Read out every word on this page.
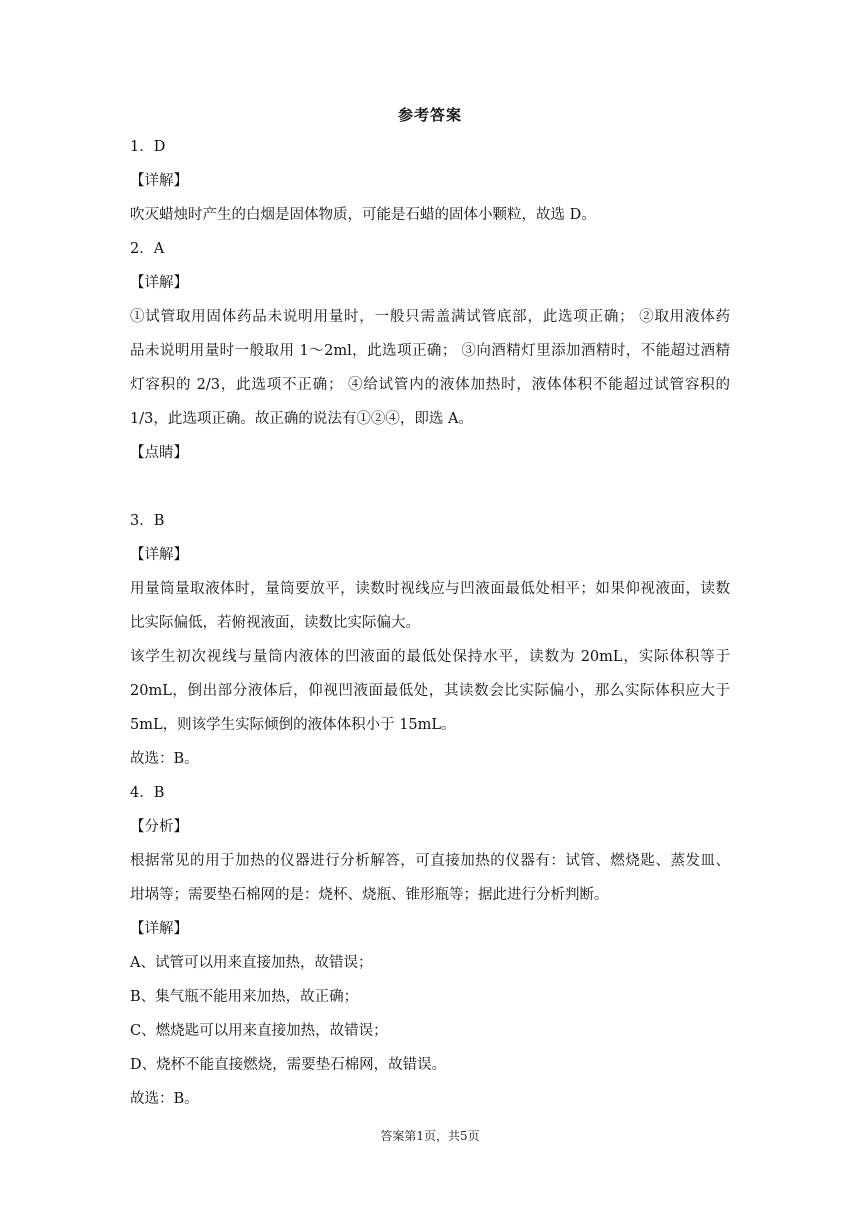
参考答案
1．D
【详解】
吹灭蜡烛时产生的白烟是固体物质，可能是石蜡的固体小颗粒，故选 D。
2．A
【详解】
①试管取用固体药品未说明用量时，一般只需盖满试管底部，此选项正确； ②取用液体药
品未说明用量时一般取用 1～2ml，此选项正确； ③向酒精灯里添加酒精时，不能超过酒精
灯容积的 2/3，此选项不正确； ④给试管内的液体加热时，液体体积不能超过试管容积的
1/3，此选项正确。故正确的说法有①②④，即选 A。
【点睛】
3．B
【详解】
用量筒量取液体时，量筒要放平，读数时视线应与凹液面最低处相平；如果仰视液面，读数
比实际偏低，若俯视液面，读数比实际偏大。
该学生初次视线与量筒内液体的凹液面的最低处保持水平，读数为 20mL，实际体积等于
20mL，倒出部分液体后，仰视凹液面最低处，其读数会比实际偏小，那么实际体积应大于
5mL，则该学生实际倾倒的液体体积小于 15mL。
故选：B。
4．B
【分析】
根据常见的用于加热的仪器进行分析解答，可直接加热的仪器有：试管、燃烧匙、蒸发皿、
坩埚等；需要垫石棉网的是：烧杯、烧瓶、锥形瓶等；据此进行分析判断。
【详解】
A、试管可以用来直接加热，故错误；
B、集气瓶不能用来加热，故正确；
C、燃烧匙可以用来直接加热，故错误；
D、烧杯不能直接燃烧，需要垫石棉网，故错误。
故选：B。
答案第1页，共5页
